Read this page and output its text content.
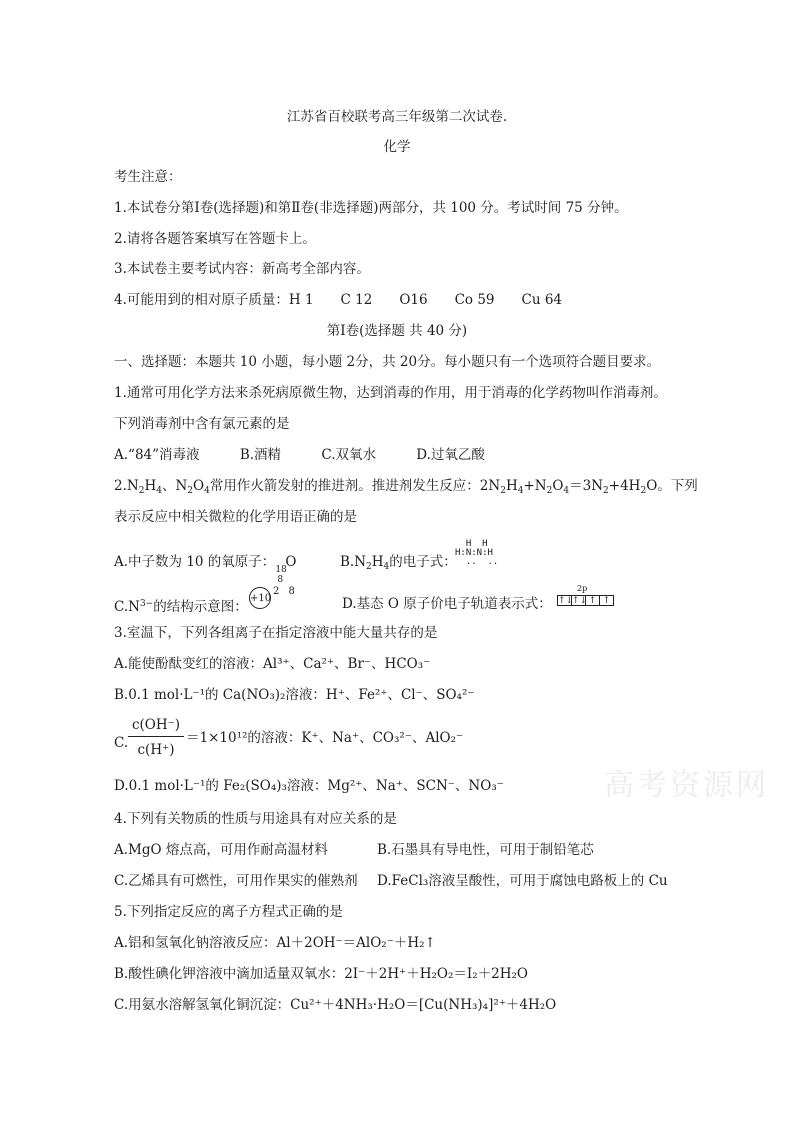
江苏省百校联考高三年级第二次试卷.
化学
考生注意：
1.本试卷分第Ⅰ卷(选择题)和第Ⅱ卷(非选择题)两部分，共 100 分。考试时间 75 分钟。
2.请将各题答案填写在答题卡上。
3.本试卷主要考试内容：新高考全部内容。
4.可能用到的相对原子质量：H 1　　C 12　　O16　　Co 59　　Cu 64
第Ⅰ卷(选择题 共 40 分)
一、选择题：本题共 10 小题，每小题 2分，共 20分。每小题只有一个选项符合题目要求。
1.通常可用化学方法来杀死病原微生物，达到消毒的作用，用于消毒的化学药物叫作消毒剂。
下列消毒剂中含有氯元素的是
A.“84”消毒液	B.酒精	C.双氧水	D.过氧乙酸
$2.N_2H_4$、$N_2O_4$常用作火箭发射的推进剂。推进剂发生反应：$2N_2H_4+N_2O_4=3N_2+4H_2O$。下列
表示反应中相关微粒的化学用语正确的是
A.中子数为 10 的氧原子： 18
8
O	$B.N_2H_4$的电子式：
H  H
H:N:N:H
..  ..
$C.N^{3-}$的结构示意图：
+10
2 8
D.基态 O 原子价电子轨道表示式：
2p
↑↓
↑↓ ↑ ↑
3.室温下，下列各组离子在指定溶液中能大量共存的是
A.能使酚酞变红的溶液：Al³⁺、Ca²⁺、Br⁻、HCO₃⁻
B.0.1 mol·L⁻¹的 Ca(NO₃)₂溶液：H⁺、Fe²⁺、Cl⁻、SO₄²⁻
C.
c(OH⁻)
c(H⁺)
＝1×10¹²的溶液：K⁺、Na⁺、CO₃²⁻、AlO₂⁻
D.0.1 mol·L⁻¹的 Fe₂(SO₄)₃溶液：Mg²⁺、Na⁺、SCN⁻、NO₃⁻
4.下列有关物质的性质与用途具有对应关系的是
A.MgO 熔点高，可用作耐高温材料	B.石墨具有导电性，可用于制铅笔芯
C.乙烯具有可燃性，可用作果实的催熟剂 D.FeCl₃溶液呈酸性，可用于腐蚀电路板上的 Cu
5.下列指定反应的离子方程式正确的是
A.铝和氢氧化钠溶液反应：Al＋2OH⁻＝AlO₂⁻＋H₂↑
B.酸性碘化钾溶液中滴加适量双氧水：2I⁻＋2H⁺＋H₂O₂＝I₂＋2H₂O
C.用氨水溶解氢氧化铜沉淀：Cu²⁺＋4NH₃·H₂O＝[Cu(NH₃)₄]²⁺＋4H₂O
高考资源网
